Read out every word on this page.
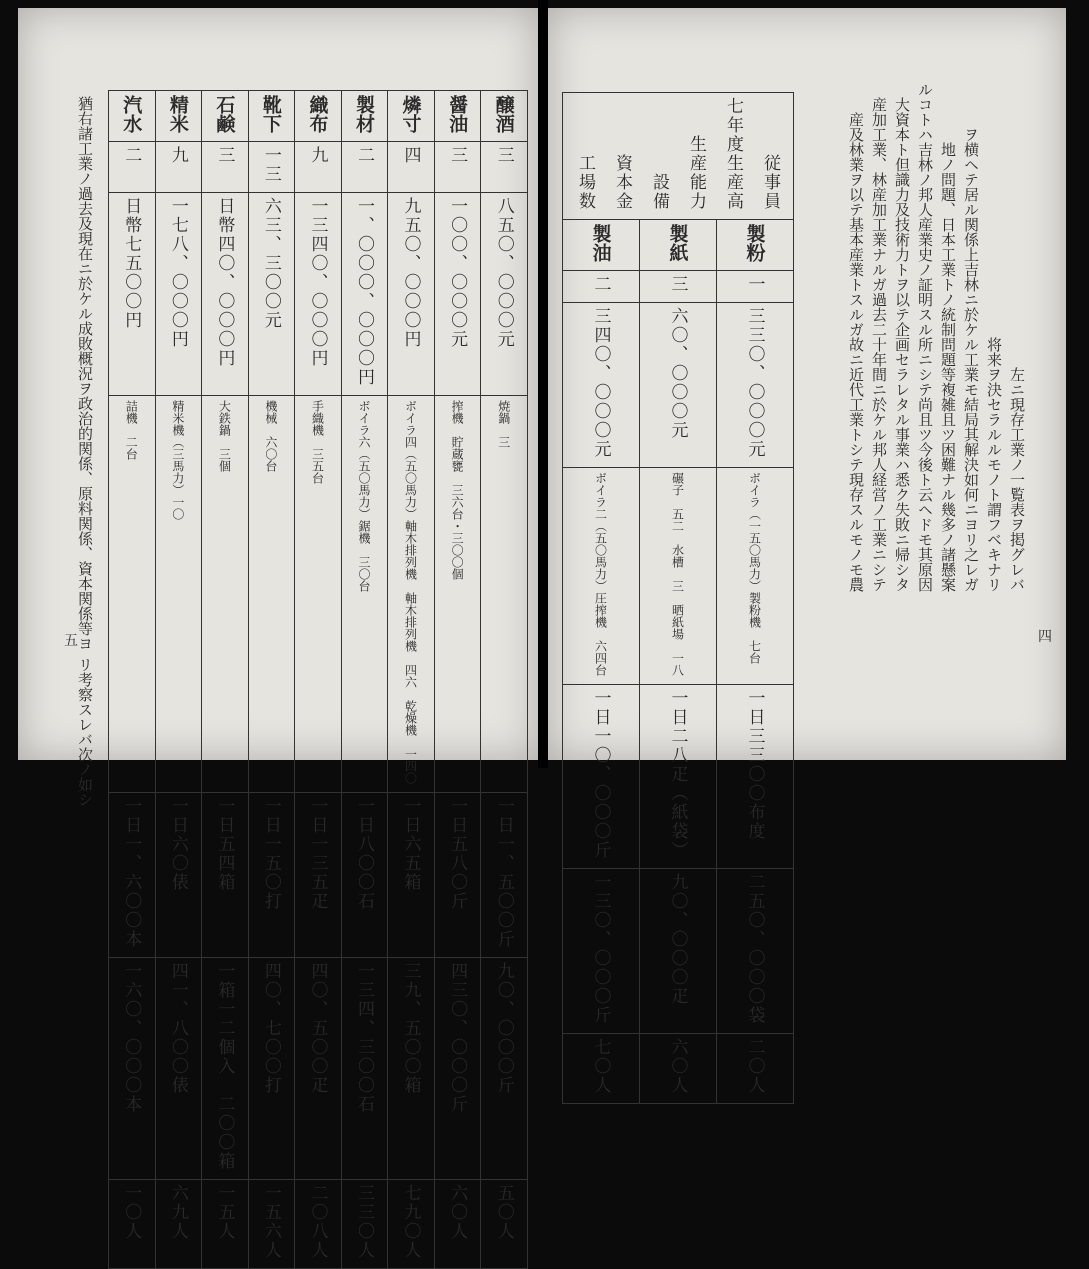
汽水	精米	石鹸	靴下	織布	製材	燐寸	醤油	醸酒
二	九	三	一三	九	二	四	三	三
日幣七五〇〇円	一七八、〇〇〇円	日幣四〇、〇〇〇円	六三、三〇〇元	一三四〇、〇〇〇円	一、〇〇〇、〇〇〇円	九五〇、〇〇〇円	一〇〇、〇〇〇元	八五〇、〇〇〇元
詰機　二台	精米機（三馬力）一〇	大鉄鍋　三個	機械　六〇台	手織機　三五台	ボイラ六（五〇馬力）鋸機　三〇台	ボイラ四（五〇馬力）軸木排列機　軸木排列機　四六　乾燥機　一四〇	搾機　貯蔵甕　三六台・三〇〇個	焼鍋　三
一日一、六〇〇本	一日六〇俵	一日五四箱	一日一五〇打	一日一三五疋	一日八〇〇石	一日六五箱	一日五八〇斤	一日一、五〇〇斤
一六〇、〇〇〇本	四一、八〇〇俵	一箱一二個入　二〇〇箱	四〇、七〇〇打	四〇、五〇〇疋	一三四、三〇〇石	三九、五〇〇箱	四三〇、〇〇〇斤	九〇、〇〇〇斤
一〇人	六九人	一五人	一五六人	二〇八人	三三〇人	七九〇人	六〇人	五〇人
猶右諸工業ノ過去及現在ニ於ケル成敗概況ヲ政治的関係、原料関係、資本関係等ヨ
リ考察スレバ次ノ如シ
五
工場数 資本金 設備 生産能力 七年度生産高 従事員		
製油	製紙	製粉
二	三	一
三四〇、〇〇〇元	六〇、〇〇〇元	三三〇、〇〇〇元
ボイラ二（五〇馬力）圧搾機　六四台	碾子　五二　水槽　三　晒紙場　一八	ボイラ（一五〇馬力）製粉機　七台
一日一〇、〇〇〇斤	一日二八疋（紙袋）	一日三三〇〇布度
一三〇、〇〇〇斤	九〇、〇〇〇疋	二五〇、〇〇〇袋
七〇人	六〇人	二〇人
産及林業ヲ以テ基本産業トスルガ故ニ近代工業トシテ現存スルモノモ農 産加工業、林産加工業ナルガ過去二十年間ニ於ケル邦人経営ノ工業ニシテ 大資本ト但識力及技術力トヲ以テ企画セラレタル事業ハ悉ク失敗ニ帰シタ ルコトハ吉林ノ邦人産業史ノ証明スル所ニシテ尚且ツ今後ト云ヘドモ其原因 地ノ問題、日本工業トノ統制問題等複雑且ツ困難ナル幾多ノ諸懸案 ヲ横ヘテ居ル関係上吉林ニ於ケル工業モ結局其解決如何ニヨリ之レガ 将来ヲ決セラルルモノト謂フベキナリ 左ニ現存工業ノ一覧表ヲ掲グレバ
四
